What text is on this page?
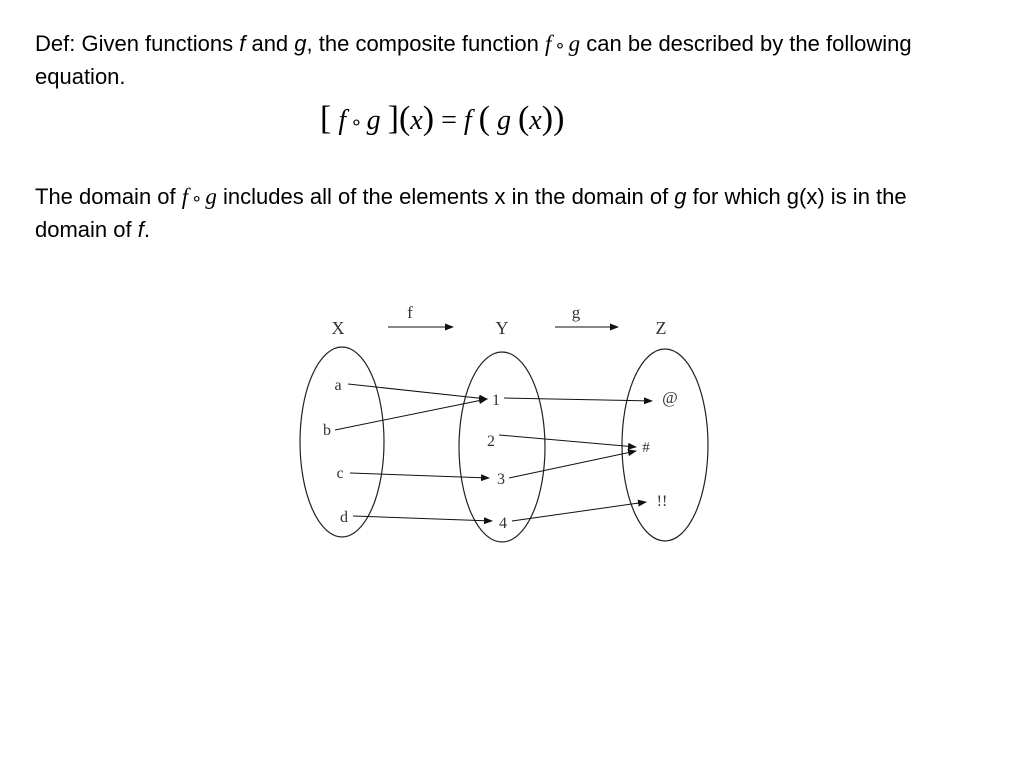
Def: Given functions f and g, the composite function f ∘ g can be described by the following equation.
[ f ∘ g ](x) = f ( g (x))
The domain of f ∘ g includes all of the elements x in the domain of g for which g(x) is in the domain of f.
X	Y	Z
f	g
a
b
c
d
1
2
3
4
@
#
!!
